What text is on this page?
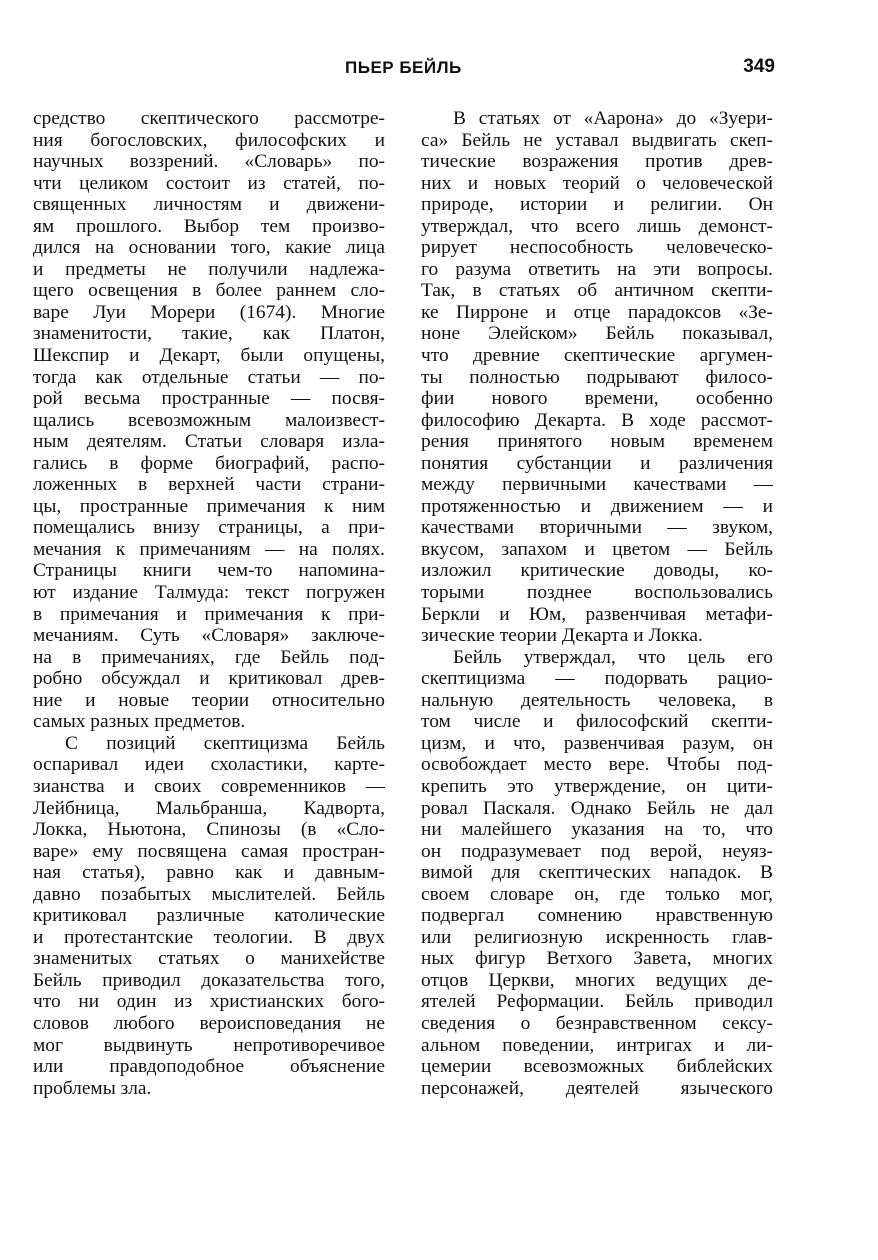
ПЬЕР БЕЙЛЬ	349
средство скептического рассмотре-
ния богословских, философских и
научных воззрений. «Словарь» по-
чти целиком состоит из статей, по-
священных личностям и движени-
ям прошлого. Выбор тем произво-
дился на основании того, какие лица
и предметы не получили надлежа-
щего освещения в более раннем сло-
варе Луи Морери (1674). Многие
знаменитости, такие, как Платон,
Шекспир и Декарт, были опущены,
тогда как отдельные статьи — по-
рой весьма пространные — посвя-
щались всевозможным малоизвест-
ным деятелям. Статьи словаря изла-
гались в форме биографий, распо-
ложенных в верхней части страни-
цы, пространные примечания к ним
помещались внизу страницы, а при-
мечания к примечаниям — на полях.
Страницы книги чем-то напомина-
ют издание Талмуда: текст погружен
в примечания и примечания к при-
мечаниям. Суть «Словаря» заключе-
на в примечаниях, где Бейль под-
робно обсуждал и критиковал древ-
ние и новые теории относительно
самых разных предметов.
С позиций скептицизма Бейль
оспаривал идеи схоластики, карте-
зианства и своих современников —
Лейбница, Мальбранша, Кадворта,
Локка, Ньютона, Спинозы (в «Сло-
варе» ему посвящена самая простран-
ная статья), равно как и давным-
давно позабытых мыслителей. Бейль
критиковал различные католические
и протестантские теологии. В двух
знаменитых статьях о манихействе
Бейль приводил доказательства того,
что ни один из христианских бого-
словов любого вероисповедания не
мог выдвинуть непротиворечивое
или правдоподобное объяснение
проблемы зла.
В статьях от «Аарона» до «Зуери-
са» Бейль не уставал выдвигать скеп-
тические возражения против древ-
них и новых теорий о человеческой
природе, истории и религии. Он
утверждал, что всего лишь демонст-
рирует неспособность человеческо-
го разума ответить на эти вопросы.
Так, в статьях об античном скепти-
ке Пирроне и отце парадоксов «Зе-
ноне Элейском» Бейль показывал,
что древние скептические аргумен-
ты полностью подрывают филосо-
фии нового времени, особенно
философию Декарта. В ходе рассмот-
рения принятого новым временем
понятия субстанции и различения
между первичными качествами —
протяженностью и движением — и
качествами вторичными — звуком,
вкусом, запахом и цветом — Бейль
изложил критические доводы, ко-
торыми позднее воспользовались
Беркли и Юм, развенчивая метафи-
зические теории Декарта и Локка.
Бейль утверждал, что цель его
скептицизма — подорвать рацио-
нальную деятельность человека, в
том числе и философский скепти-
цизм, и что, развенчивая разум, он
освобождает место вере. Чтобы под-
крепить это утверждение, он цити-
ровал Паскаля. Однако Бейль не дал
ни малейшего указания на то, что
он подразумевает под верой, неуяз-
вимой для скептических нападок. В
своем словаре он, где только мог,
подвергал сомнению нравственную
или религиозную искренность глав-
ных фигур Ветхого Завета, многих
отцов Церкви, многих ведущих де-
ятелей Реформации. Бейль приводил
сведения о безнравственном сексу-
альном поведении, интригах и ли-
цемерии всевозможных библейских
персонажей, деятелей языческого
